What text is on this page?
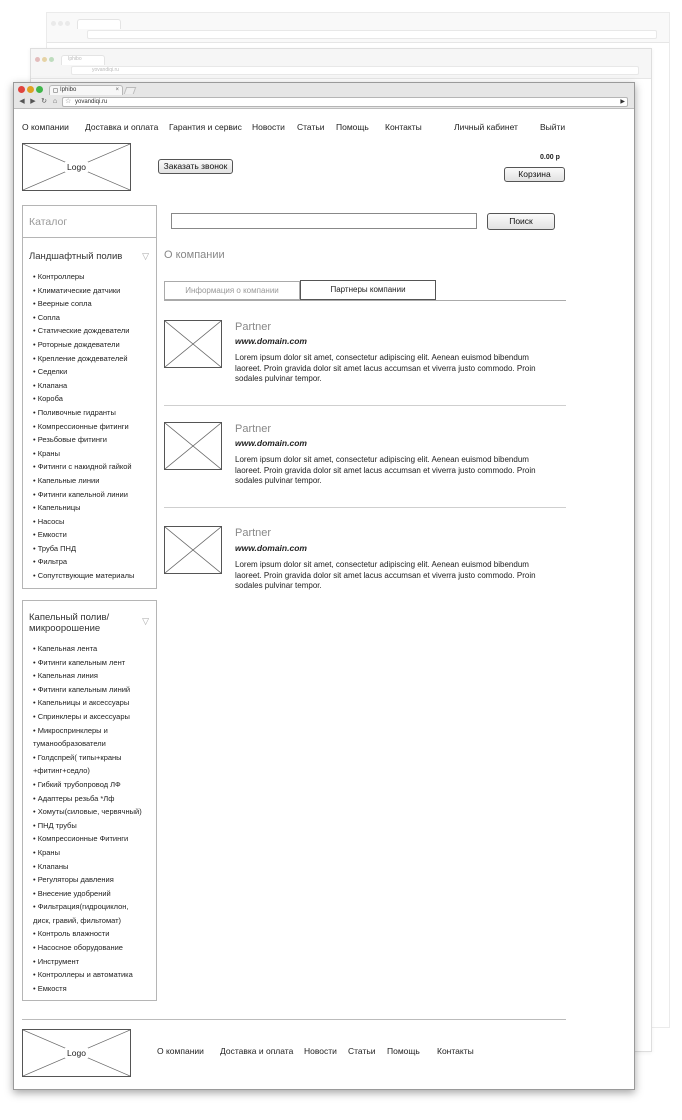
Iphibo
yovandiqi.ru
Iphibo	×
◀ ▶ ↻ ⌂ ☆ yovandiqi.ru	▶
О компании Доставка и оплата Гарантия и сервис Новости Статьи Помощь Контакты	Личный кабинет	Выйти
Logo	Заказать звонок
0.00 р
Корзина
Каталог
Ландшафтный полив ▽
• Контроллеры
• Климатические датчики
• Веерные сопла
• Сопла
• Статические дождеватели
• Роторные дождеватели
• Крепление дождевателей
• Седелки
• Клапана
• Короба
• Поливочные гидранты
• Компрессионные фитинги
• Резьбовые фитинги
• Краны
• Фитинги с накидной гайкой
• Капельные линии
• Фитинги капельной линии
• Капельницы
• Насосы
• Емкости
• Труба ПНД
• Фильтра
• Сопутствующие материалы
Капельный полив/
микроорошение
▽
• Капельная лента
• Фитинги капельным лент
• Капельная линия
• Фитинги капельным линий
• Капельницы и аксессуары
• Спринклеры и аксессуары
• Микроспринклеры и
туманообразователи
• Голдспрей( типы+краны
+фитинг+седло)
• Гибкий трубопровод ЛФ
• Адаптеры резьба *Лф
• Хомуты(силовые, червячный)
• ПНД трубы
• Компрессионные Фитинги
• Краны
• Клапаны
• Регуляторы давления
• Внесение удобрений
• Фильтрация(гидроциклон,
диск, гравий, фильтомат)
• Контроль влажности
• Насосное оборудование
• Инструмент
• Контроллеры и автоматика
• Емкостя
Поиск
О компании
Информация о компании	Партнеры компании
Partner
www.domain.com
Lorem ipsum dolor sit amet, consectetur adipiscing elit. Aenean euismod bibendum laoreet. Proin gravida dolor sit amet lacus accumsan et viverra justo commodo. Proin sodales pulvinar tempor.
Partner
www.domain.com
Lorem ipsum dolor sit amet, consectetur adipiscing elit. Aenean euismod bibendum laoreet. Proin gravida dolor sit amet lacus accumsan et viverra justo commodo. Proin sodales pulvinar tempor.
Partner
www.domain.com
Lorem ipsum dolor sit amet, consectetur adipiscing elit. Aenean euismod bibendum laoreet. Proin gravida dolor sit amet lacus accumsan et viverra justo commodo. Proin sodales pulvinar tempor.
Logo	О компании Доставка и оплата Новости Статьи Помощь Контакты
